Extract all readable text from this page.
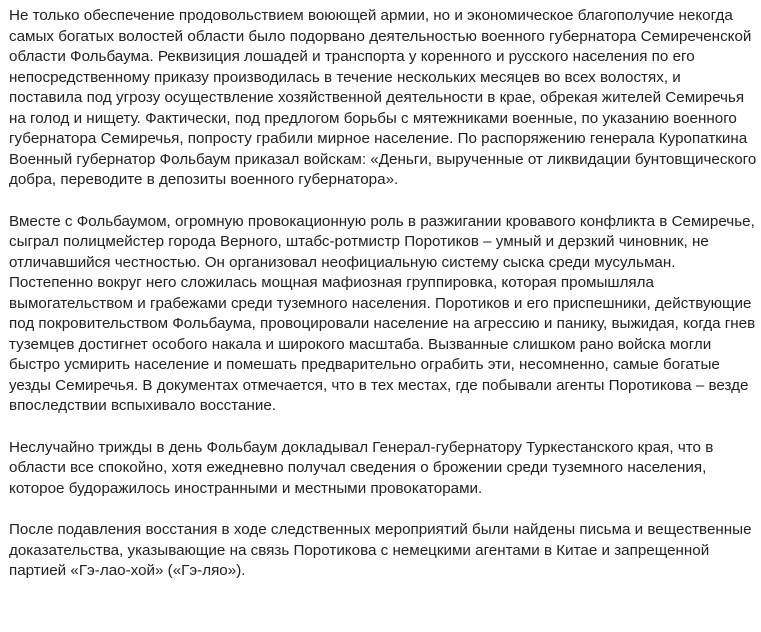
Не только обеспечение продовольствием воюющей армии, но и экономическое благополучие некогда самых богатых волостей области было подорвано деятельностью военного губернатора Семиреченской области Фольбаума. Реквизиция лошадей и транспорта у коренного и русского населения по его непосредственному приказу производилась в течение нескольких месяцев во всех волостях, и поставила под угрозу осуществление хозяйственной деятельности в крае, обрекая жителей Семиречья на голод и нищету. Фактически, под предлогом борьбы с мятежниками военные, по указанию военного губернатора Семиречья, попросту грабили мирное население. По распоряжению генерала Куропаткина Военный губернатор Фольбаум приказал войскам: «Деньги, вырученные от ликвидации бунтовщического добра, переводите в депозиты военного губернатора».

Вместе с Фольбаумом, огромную провокационную роль в разжигании кровавого конфликта в Семиречье, сыграл полицмейстер города Верного, штабс-ротмистр Поротиков – умный и дерзкий чиновник, не отличавшийся честностью. Он организовал неофициальную систему сыска среди мусульман. Постепенно вокруг него сложилась мощная мафиозная группировка, которая промышляла вымогательством и грабежами среди туземного населения. Поротиков и его приспешники, действующие под покровительством Фольбаума, провоцировали население на агрессию и панику, выжидая, когда гнев туземцев достигнет особого накала и широкого масштаба. Вызванные слишком рано войска могли быстро усмирить население и помешать предварительно ограбить эти, несомненно, самые богатые уезды Семиречья. В документах отмечается, что в тех местах, где побывали агенты Поротикова – везде впоследствии вспыхивало восстание.

Неслучайно трижды в день Фольбаум докладывал Генерал-губернатору Туркестанского края, что в области все спокойно, хотя ежедневно получал сведения о брожении среди туземного населения, которое будоражилось иностранными и местными провокаторами.

После подавления восстания в ходе следственных мероприятий были найдены письма и вещественные доказательства, указывающие на связь Поротикова с немецкими агентами в Китае и запрещенной партией «Гэ-лао-хой» («Гэ-ляо»).
